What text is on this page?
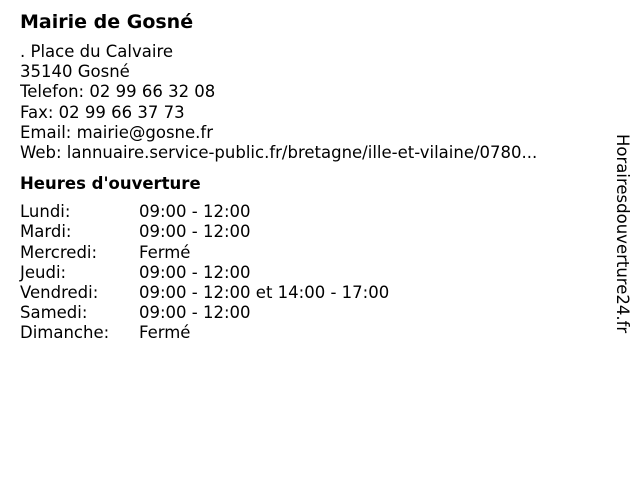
Mairie de Gosné
. Place du Calvaire
35140 Gosné
Telefon: 02 99 66 32 08
Fax: 02 99 66 37 73
Email: mairie@gosne.fr
Web: lannuaire.service-public.fr/bretagne/ille-et-vilaine/0780...
Heures d'ouverture
Lundi:	09:00 - 12:00
Mardi:	09:00 - 12:00
Mercredi:	Fermé
Jeudi:	09:00 - 12:00
Vendredi:	09:00 - 12:00 et 14:00 - 17:00
Samedi:	09:00 - 12:00
Dimanche:	Fermé	Horairesdouverture24.fr
